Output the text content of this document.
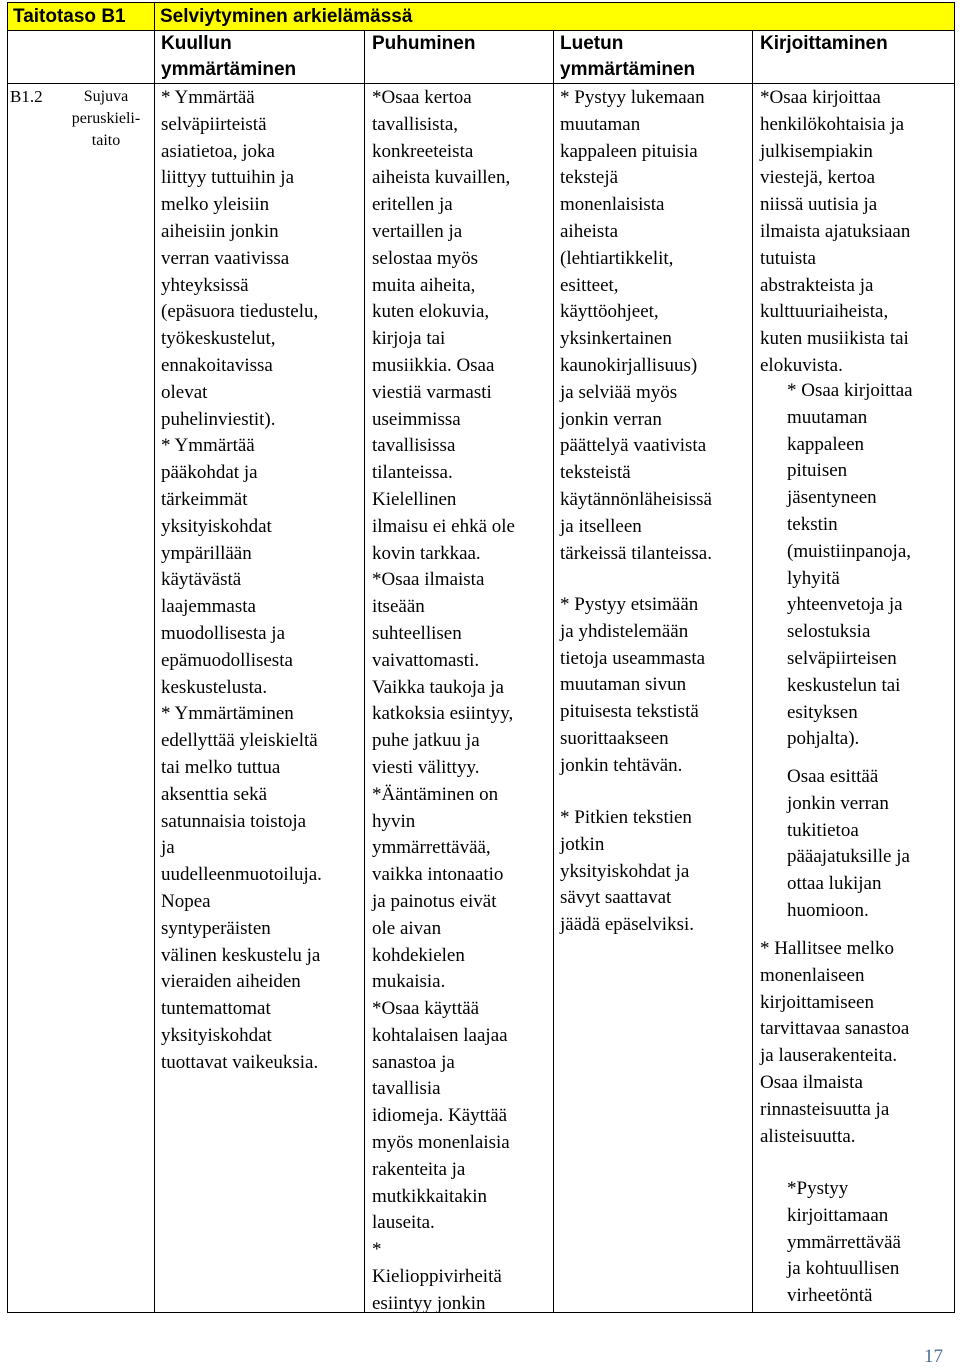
Taitotaso B1 Selviytyminen arkielämässä
Kuullun
ymmärtäminen
Puhuminen	Luetun
ymmärtäminen
Kirjoittaminen
B1.2	Sujuva
peruskieli-
taito
* Ymmärtää
selväpiirteistä
asiatietoa, joka
liittyy tuttuihin ja
melko yleisiin
aiheisiin jonkin
verran vaativissa
yhteyksissä
(epäsuora tiedustelu,
työkeskustelut,
ennakoitavissa
olevat
puhelinviestit).
* Ymmärtää
pääkohdat ja
tärkeimmät
yksityiskohdat
ympärillään
käytävästä
laajemmasta
muodollisesta ja
epämuodollisesta
keskustelusta.
* Ymmärtäminen
edellyttää yleiskieltä
tai melko tuttua
aksenttia sekä
satunnaisia toistoja
ja
uudelleenmuotoiluja.
Nopea
syntyperäisten
välinen keskustelu ja
vieraiden aiheiden
tuntemattomat
yksityiskohdat
tuottavat vaikeuksia.
*Osaa kertoa
tavallisista,
konkreeteista
aiheista kuvaillen,
eritellen ja
vertaillen ja
selostaa myös
muita aiheita,
kuten elokuvia,
kirjoja tai
musiikkia. Osaa
viestiä varmasti
useimmissa
tavallisissa
tilanteissa.
Kielellinen
ilmaisu ei ehkä ole
kovin tarkkaa.
*Osaa ilmaista
itseään
suhteellisen
vaivattomasti.
Vaikka taukoja ja
katkoksia esiintyy,
puhe jatkuu ja
viesti välittyy.
*Ääntäminen on
hyvin
ymmärrettävää,
vaikka intonaatio
ja painotus eivät
ole aivan
kohdekielen
mukaisia.
*Osaa käyttää
kohtalaisen laajaa
sanastoa ja
tavallisia
idiomeja. Käyttää
myös monenlaisia
rakenteita ja
mutkikkaitakin
lauseita.
*
Kielioppivirheitä
esiintyy jonkin
* Pystyy lukemaan
muutaman
kappaleen pituisia
tekstejä
monenlaisista
aiheista
(lehtiartikkelit,
esitteet,
käyttöohjeet,
yksinkertainen
kaunokirjallisuus)
ja selviää myös
jonkin verran
päättelyä vaativista
teksteistä
käytännönläheisissä
ja itselleen
tärkeissä tilanteissa.
* Pystyy etsimään
ja yhdistelemään
tietoja useammasta
muutaman sivun
pituisesta tekstistä
suorittaakseen
jonkin tehtävän.
* Pitkien tekstien
jotkin
yksityiskohdat ja
sävyt saattavat
jäädä epäselviksi.
*Osaa kirjoittaa
henkilökohtaisia ja
julkisempiakin
viestejä, kertoa
niissä uutisia ja
ilmaista ajatuksiaan
tutuista
abstrakteista ja
kulttuuriaiheista,
kuten musiikista tai
elokuvista.
* Osaa kirjoittaa
muutaman
kappaleen
pituisen
jäsentyneen
tekstin
(muistiinpanoja,
lyhyitä
yhteenvetoja ja
selostuksia
selväpiirteisen
keskustelun tai
esityksen
pohjalta).
Osaa esittää
jonkin verran
tukitietoa
pääajatuksille ja
ottaa lukijan
huomioon.
* Hallitsee melko
monenlaiseen
kirjoittamiseen
tarvittavaa sanastoa
ja lauserakenteita.
Osaa ilmaista
rinnasteisuutta ja
alisteisuutta.
*Pystyy
kirjoittamaan
ymmärrettävää
ja kohtuullisen
virheetöntä
17
